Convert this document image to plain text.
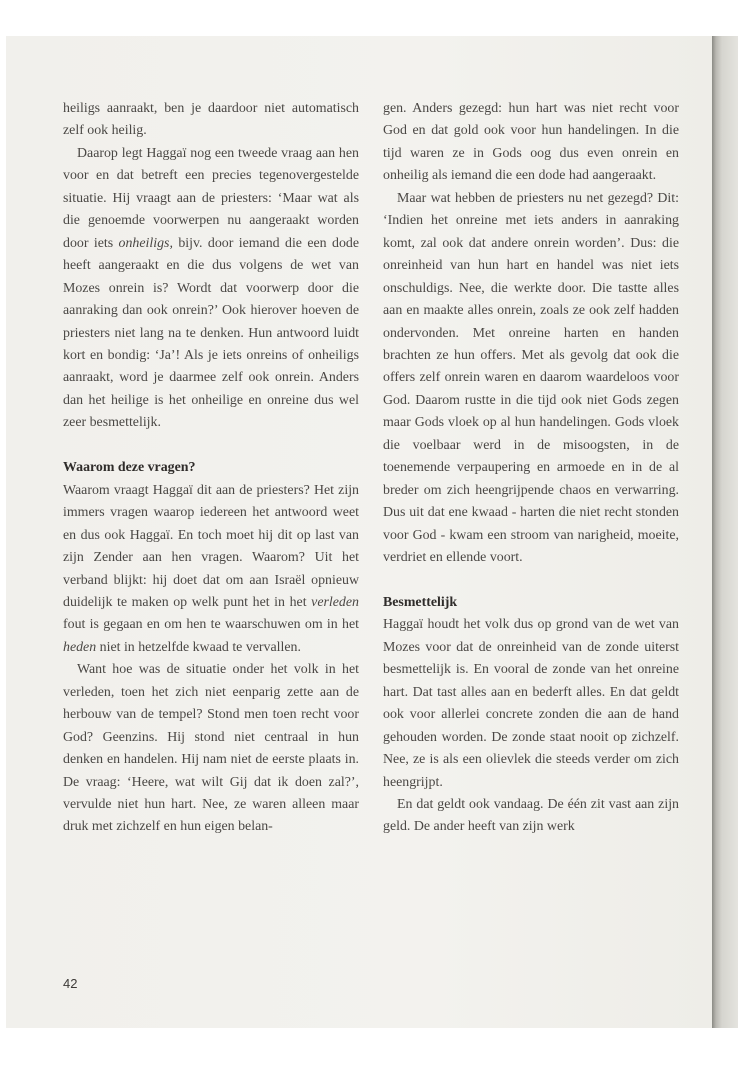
heiligs aanraakt, ben je daardoor niet automatisch zelf ook heilig.

Daarop legt Haggaï nog een tweede vraag aan hen voor en dat betreft een precies tegenovergestelde situatie. Hij vraagt aan de priesters: ‘Maar wat als die genoemde voorwerpen nu aangeraakt worden door iets onheiligs, bijv. door iemand die een dode heeft aangeraakt en die dus volgens de wet van Mozes onrein is? Wordt dat voorwerp door die aanraking dan ook onrein?’ Ook hierover hoeven de priesters niet lang na te denken. Hun antwoord luidt kort en bondig: ‘Ja’! Als je iets onreins of onheiligs aanraakt, word je daarmee zelf ook onrein. Anders dan het heilige is het onheilige en onreine dus wel zeer besmettelijk.

Waarom deze vragen?

Waarom vraagt Haggaï dit aan de priesters? Het zijn immers vragen waarop iedereen het antwoord weet en dus ook Haggaï. En toch moet hij dit op last van zijn Zender aan hen vragen. Waarom? Uit het verband blijkt: hij doet dat om aan Israël opnieuw duidelijk te maken op welk punt het in het verleden fout is gegaan en om hen te waarschuwen om in het heden niet in hetzelfde kwaad te vervallen.

Want hoe was de situatie onder het volk in het verleden, toen het zich niet eenparig zette aan de herbouw van de tempel? Stond men toen recht voor God? Geenzins. Hij stond niet centraal in hun denken en handelen. Hij nam niet de eerste plaats in. De vraag: ‘Heere, wat wilt Gij dat ik doen zal?’, vervulde niet hun hart. Nee, ze waren alleen maar druk met zichzelf en hun eigen belan-

gen. Anders gezegd: hun hart was niet recht voor God en dat gold ook voor hun handelingen. In die tijd waren ze in Gods oog dus even onrein en onheilig als iemand die een dode had aangeraakt.

Maar wat hebben de priesters nu net gezegd? Dit: ‘Indien het onreine met iets anders in aanraking komt, zal ook dat andere onrein worden’. Dus: die onreinheid van hun hart en handel was niet iets onschuldigs. Nee, die werkte door. Die tastte alles aan en maakte alles onrein, zoals ze ook zelf hadden ondervonden. Met onreine harten en handen brachten ze hun offers. Met als gevolg dat ook die offers zelf onrein waren en daarom waardeloos voor God. Daarom rustte in die tijd ook niet Gods zegen maar Gods vloek op al hun handelingen. Gods vloek die voelbaar werd in de misoogsten, in de toenemende verpaupering en armoede en in de al breder om zich heengrijpende chaos en verwarring. Dus uit dat ene kwaad - harten die niet recht stonden voor God - kwam een stroom van narigheid, moeite, verdriet en ellende voort.

Besmettelijk

Haggaï houdt het volk dus op grond van de wet van Mozes voor dat de onreinheid van de zonde uiterst besmettelijk is. En vooral de zonde van het onreine hart. Dat tast alles aan en bederft alles. En dat geldt ook voor allerlei concrete zonden die aan de hand gehouden worden. De zonde staat nooit op zichzelf. Nee, ze is als een olievlek die steeds verder om zich heengrijpt.

En dat geldt ook vandaag. De één zit vast aan zijn geld. De ander heeft van zijn werk

42
